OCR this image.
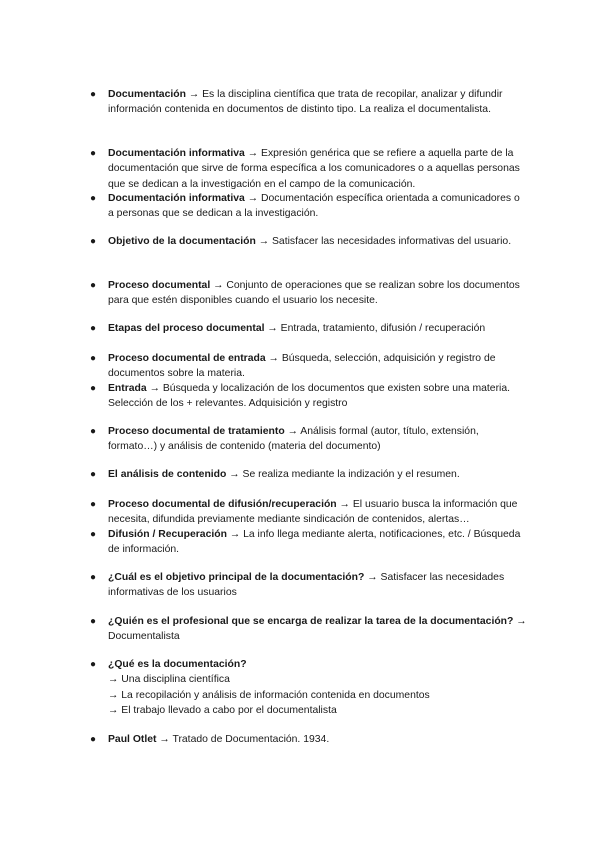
● Documentación → Es la disciplina científica que trata de recopilar, analizar y difundir información contenida en documentos de distinto tipo. La realiza el documentalista.
● Documentación informativa → Expresión genérica que se refiere a aquella parte de la documentación que sirve de forma específica a los comunicadores o a aquellas personas que se dedican a la investigación en el campo de la comunicación.
● Documentación informativa → Documentación específica orientada a comunicadores o a personas que se dedican a la investigación.
● Objetivo de la documentación → Satisfacer las necesidades informativas del usuario.
● Proceso documental → Conjunto de operaciones que se realizan sobre los documentos para que estén disponibles cuando el usuario los necesite.
● Etapas del proceso documental → Entrada, tratamiento, difusión / recuperación
● Proceso documental de entrada → Búsqueda, selección, adquisición y registro de documentos sobre la materia.
● Entrada → Búsqueda y localización de los documentos que existen sobre una materia. Selección de los + relevantes. Adquisición y registro
● Proceso documental de tratamiento → Análisis formal (autor, título, extensión, formato…) y análisis de contenido (materia del documento)
● El análisis de contenido → Se realiza mediante la indización y el resumen.
● Proceso documental de difusión/recuperación → El usuario busca la información que necesita, difundida previamente mediante sindicación de contenidos, alertas…
● Difusión / Recuperación → La info llega mediante alerta, notificaciones, etc. / Búsqueda de información.
● ¿Cuál es el objetivo principal de la documentación? → Satisfacer las necesidades informativas de los usuarios
● ¿Quién es el profesional que se encarga de realizar la tarea de la documentación? → Documentalista
● ¿Qué es la documentación?
→ Una disciplina científica
→ La recopilación y análisis de información contenida en documentos
→ El trabajo llevado a cabo por el documentalista
● Paul Otlet → Tratado de Documentación. 1934.
